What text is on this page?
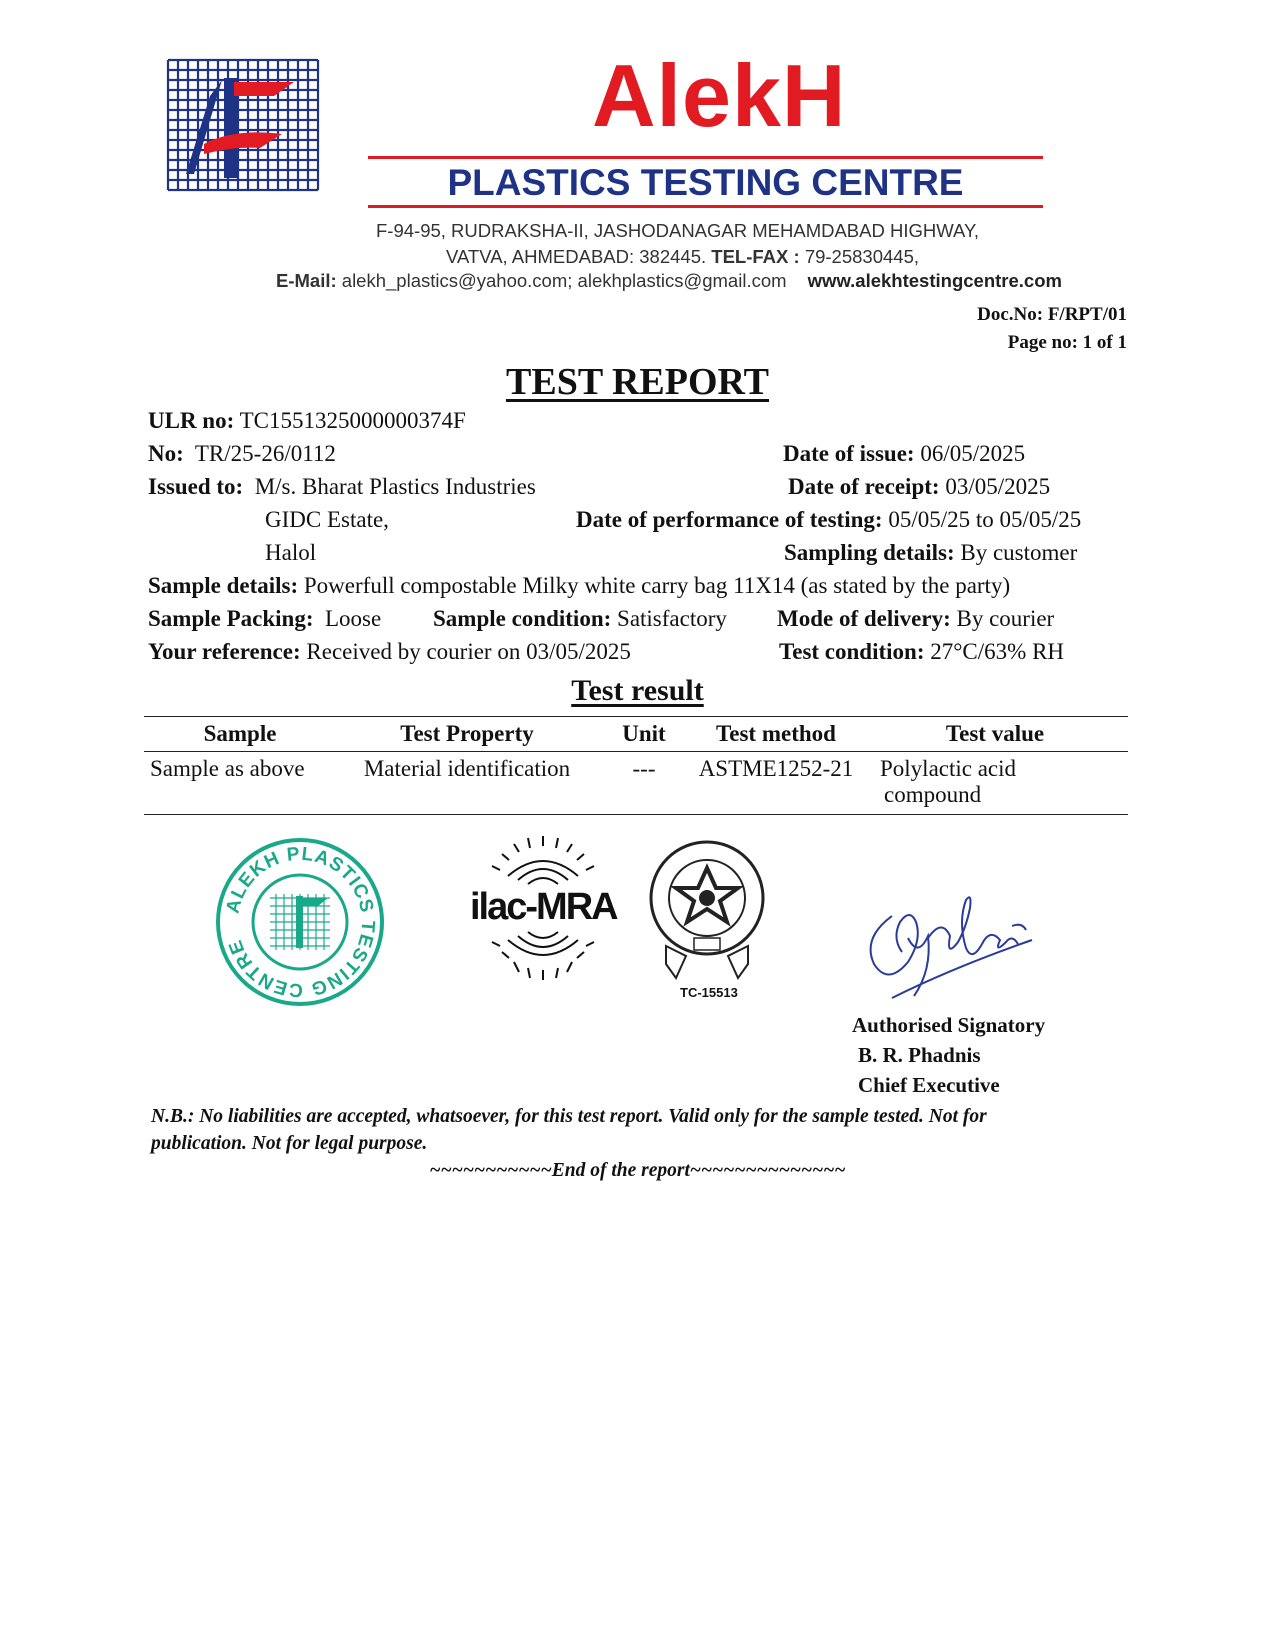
AlekH
PLASTICS TESTING CENTRE
F-94-95, RUDRAKSHA-II, JASHODANAGAR MEHAMDABAD HIGHWAY,
VATVA, AHMEDABAD: 382445. TEL-FAX : 79-25830445,
E-Mail: alekh_plastics@yahoo.com; alekhplastics@gmail.com www.alekhtestingcentre.com
Doc.No: F/RPT/01
Page no: 1 of 1
TEST REPORT
ULR no: TC1551325000000374F
No: TR/25-26/0112	Date of issue: 06/05/2025
Issued to: M/s. Bharat Plastics Industries	Date of receipt: 03/05/2025
GIDC Estate,	Date of performance of testing: 05/05/25 to 05/05/25
Halol	Sampling details: By customer
Sample details: Powerfull compostable Milky white carry bag 11X14 (as stated by the party)
Sample Packing: Loose Sample condition: Satisfactory Mode of delivery: By courier
Your reference: Received by courier on 03/05/2025	Test condition: 27°C/63% RH
Test result
Sample	Test Property	Unit	Test method	Test value
Sample as above	Material identification	---	ASTME1252-21	Polylactic acid
compound
ALEKH PLASTICS TESTING CENTRE
ilac-MRA
TC-15513
Authorised Signatory
B. R. Phadnis
Chief Executive
N.B.: No liabilities are accepted, whatsoever, for this test report. Valid only for the sample tested. Not for publication. Not for legal purpose.
~~~~~~~~~~~End of the report~~~~~~~~~~~~~~
